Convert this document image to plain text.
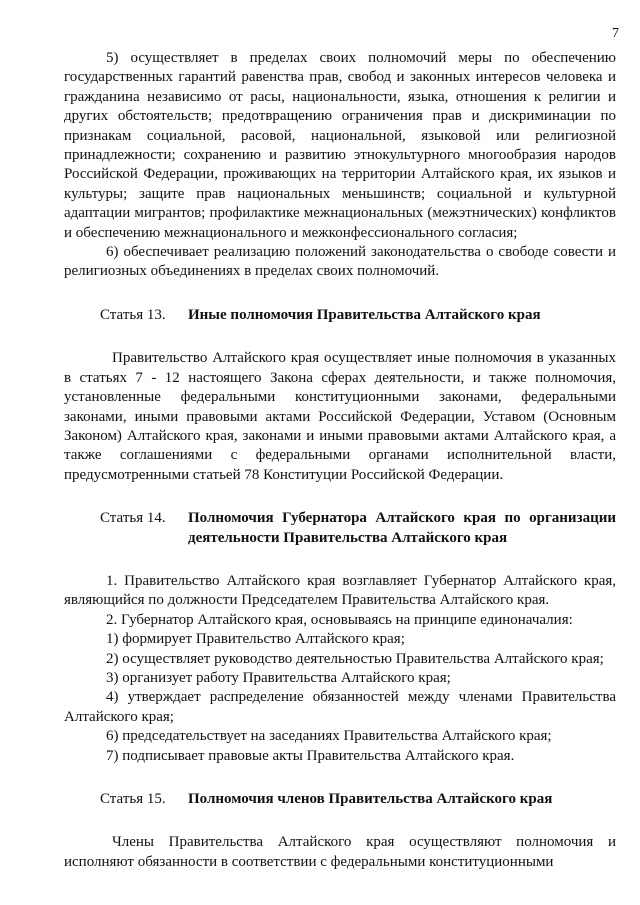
7

5) осуществляет в пределах своих полномочий меры по обеспечению государственных гарантий равенства прав, свобод и законных интересов человека и гражданина независимо от расы, национальности, языка, отношения к религии и других обстоятельств; предотвращению ограничения прав и дискриминации по признакам социальной, расовой, национальной, языковой или религиозной принадлежности; сохранению и развитию этнокультурного многообразия народов Российской Федерации, проживающих на территории Алтайского края, их языков и культуры; защите прав национальных меньшинств; социальной и культурной адаптации мигрантов; профилактике межнациональных (межэтнических) конфликтов и обеспечению межнационального и межконфессионального согласия;

6) обеспечивает реализацию положений законодательства о свободе совести и религиозных объединениях в пределах своих полномочий.

Статья 13.	Иные полномочия Правительства Алтайского края

Правительство Алтайского края осуществляет иные полномочия в указанных в статьях 7 - 12 настоящего Закона сферах деятельности, и также полномочия, установленные федеральными конституционными законами, федеральными законами, иными правовыми актами Российской Федерации, Уставом (Основным Законом) Алтайского края, законами и иными правовыми актами Алтайского края, а также соглашениями с федеральными органами исполнительной власти, предусмотренными статьей 78 Конституции Российской Федерации.

Статья 14.	Полномочия Губернатора Алтайского края по организации деятельности Правительства Алтайского края

1. Правительство Алтайского края возглавляет Губернатор Алтайского края, являющийся по должности Председателем Правительства Алтайского края.

2. Губернатор Алтайского края, основываясь на принципе единоначалия:

1) формирует Правительство Алтайского края;

2) осуществляет руководство деятельностью Правительства Алтайского края;

3) организует работу Правительства Алтайского края;

4) утверждает распределение обязанностей между членами Правительства Алтайского края;

6) председательствует на заседаниях Правительства Алтайского края;

7) подписывает правовые акты Правительства Алтайского края.

Статья 15.	Полномочия членов Правительства Алтайского края

Члены Правительства Алтайского края осуществляют полномочия и исполняют обязанности в соответствии с федеральными конституционными
